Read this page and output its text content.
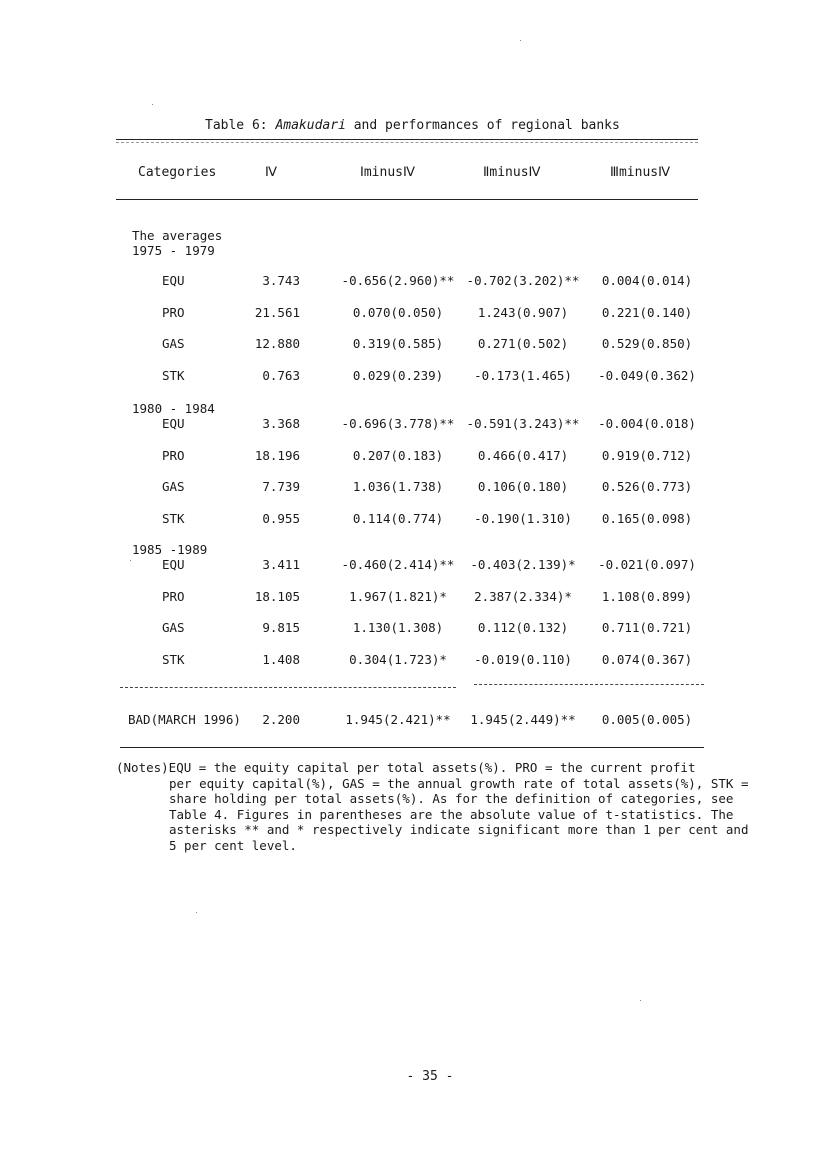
Table 6: Amakudari and performances of regional banks
Categories	Ⅳ	ⅠminusⅣ	ⅡminusⅣ	ⅢminusⅣ
The averages
1975 - 1979
EQU	3.743	-0.656(2.960)** -0.702(3.202)**	0.004(0.014)
PRO	21.561	0.070(0.050)	1.243(0.907)	0.221(0.140)
GAS	12.880	0.319(0.585)	0.271(0.502)	0.529(0.850)
STK	0.763	0.029(0.239)	-0.173(1.465)	-0.049(0.362)
1980 - 1984
EQU	3.368	-0.696(3.778)** -0.591(3.243)**	-0.004(0.018)
PRO	18.196	0.207(0.183)	0.466(0.417)	0.919(0.712)
GAS	7.739	1.036(1.738)	0.106(0.180)	0.526(0.773)
STK	0.955	0.114(0.774)	-0.190(1.310)	0.165(0.098)
1985 -1989
EQU	3.411	-0.460(2.414)**	-0.403(2.139)*	-0.021(0.097)
PRO	18.105	1.967(1.821)*	2.387(2.334)*	1.108(0.899)
GAS	9.815	1.130(1.308)	0.112(0.132)	0.711(0.721)
STK	1.408	0.304(1.723)*	-0.019(0.110)	0.074(0.367)
BAD(MARCH 1996)	2.200	1.945(2.421)**	1.945(2.449)**	0.005(0.005)
(Notes)EQU = the equity capital per total assets(%). PRO = the current profit
per equity capital(%), GAS = the annual growth rate of total assets(%), STK =
share holding per total assets(%). As for the definition of categories, see
Table 4. Figures in parentheses are the absolute value of t-statistics. The
asterisks ** and * respectively indicate significant more than 1 per cent and
5 per cent level.
- 35 -
